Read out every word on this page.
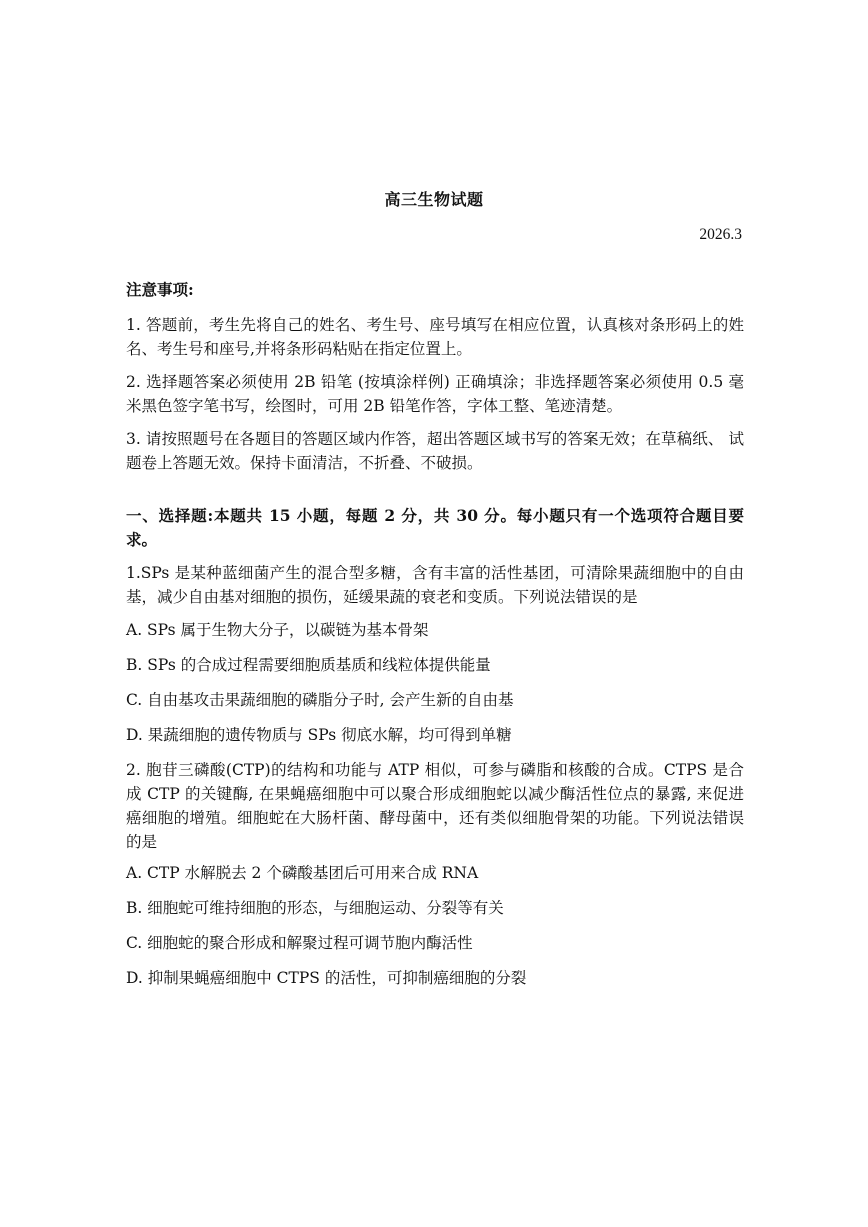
高三生物试题
2026.3
注意事项:
1. 答题前，考生先将自己的姓名、考生号、座号填写在相应位置，认真核对条形码上的姓名、考生号和座号,并将条形码粘贴在指定位置上。
2. 选择题答案必须使用 2B 铅笔 (按填涂样例) 正确填涂；非选择题答案必须使用 0.5 毫米黑色签字笔书写，绘图时，可用 2B 铅笔作答，字体工整、笔迹清楚。
3. 请按照题号在各题目的答题区域内作答，超出答题区域书写的答案无效；在草稿纸、 试题卷上答题无效。保持卡面清洁，不折叠、不破损。
一、选择题:本题共 15 小题，每题 2 分，共 30 分。每小题只有一个选项符合题目要求。
1.SPs 是某种蓝细菌产生的混合型多糖，含有丰富的活性基团，可清除果蔬细胞中的自由基，减少自由基对细胞的损伤，延缓果蔬的衰老和变质。下列说法错误的是
A. SPs 属于生物大分子，以碳链为基本骨架
B. SPs 的合成过程需要细胞质基质和线粒体提供能量
C. 自由基攻击果蔬细胞的磷脂分子时, 会产生新的自由基
D. 果蔬细胞的遗传物质与 SPs 彻底水解，均可得到单糖
2. 胞苷三磷酸(CTP)的结构和功能与 ATP 相似，可参与磷脂和核酸的合成。CTPS 是合成 CTP 的关键酶, 在果蝇癌细胞中可以聚合形成细胞蛇以减少酶活性位点的暴露, 来促进癌细胞的增殖。细胞蛇在大肠杆菌、酵母菌中，还有类似细胞骨架的功能。下列说法错误的是
A. CTP 水解脱去 2 个磷酸基团后可用来合成 RNA
B. 细胞蛇可维持细胞的形态，与细胞运动、分裂等有关
C. 细胞蛇的聚合形成和解聚过程可调节胞内酶活性
D. 抑制果蝇癌细胞中 CTPS 的活性，可抑制癌细胞的分裂
